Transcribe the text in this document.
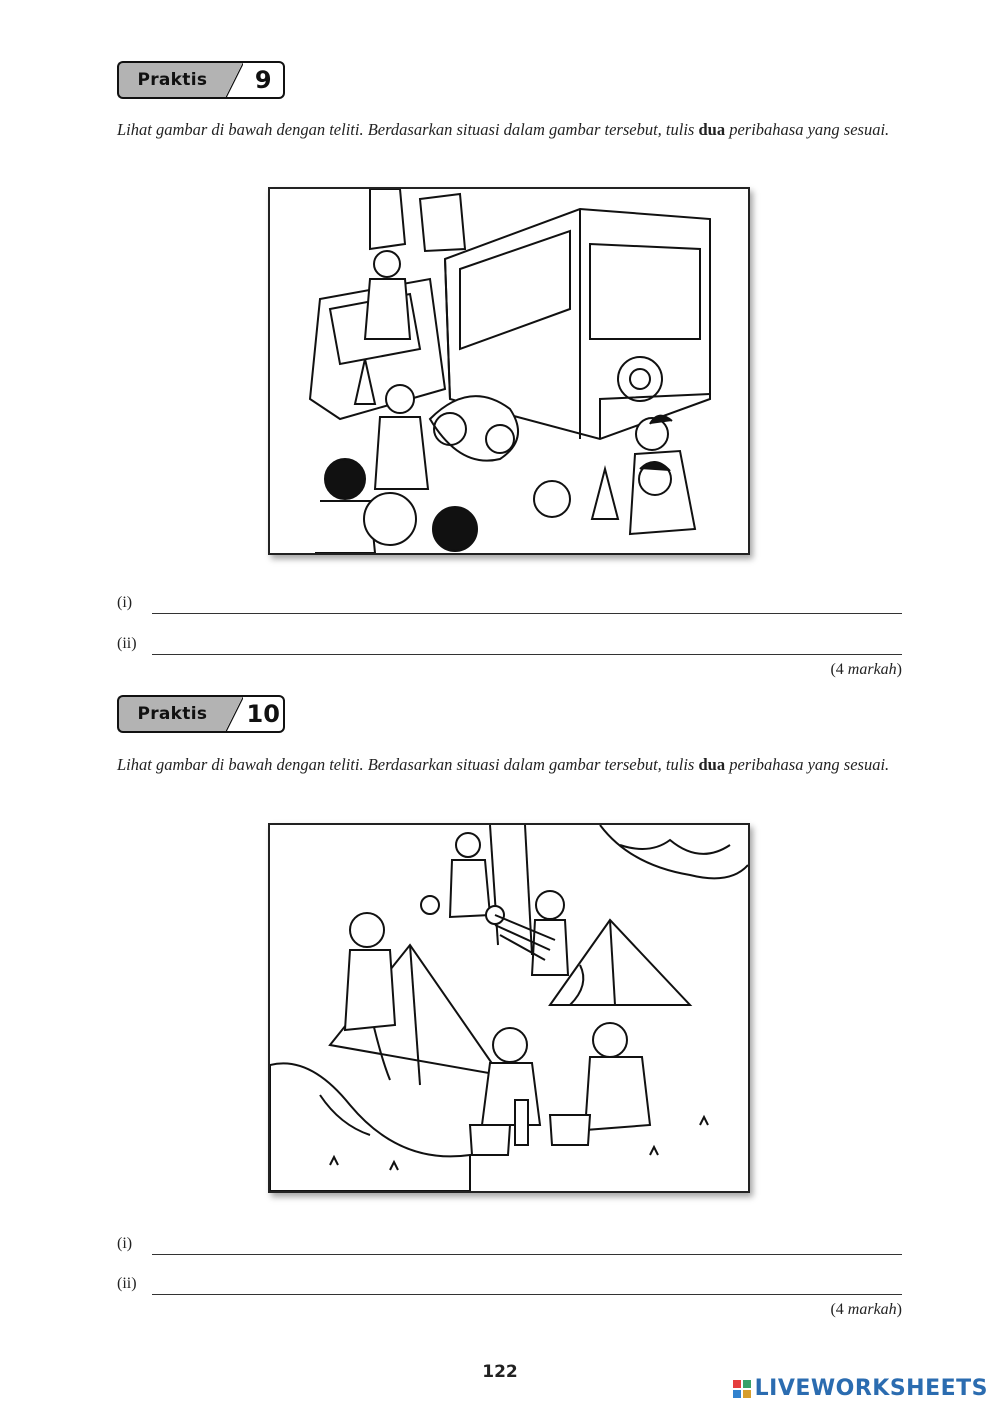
Praktis	9
Lihat gambar di bawah dengan teliti. Berdasarkan situasi dalam gambar tersebut, tulis dua peribahasa yang sesuai.
(i)
(ii)
(4 markah)
Praktis	10
Lihat gambar di bawah dengan teliti. Berdasarkan situasi dalam gambar tersebut, tulis dua peribahasa yang sesuai.
(i)
(ii)
(4 markah)
122
LIVEWORKSHEETS
